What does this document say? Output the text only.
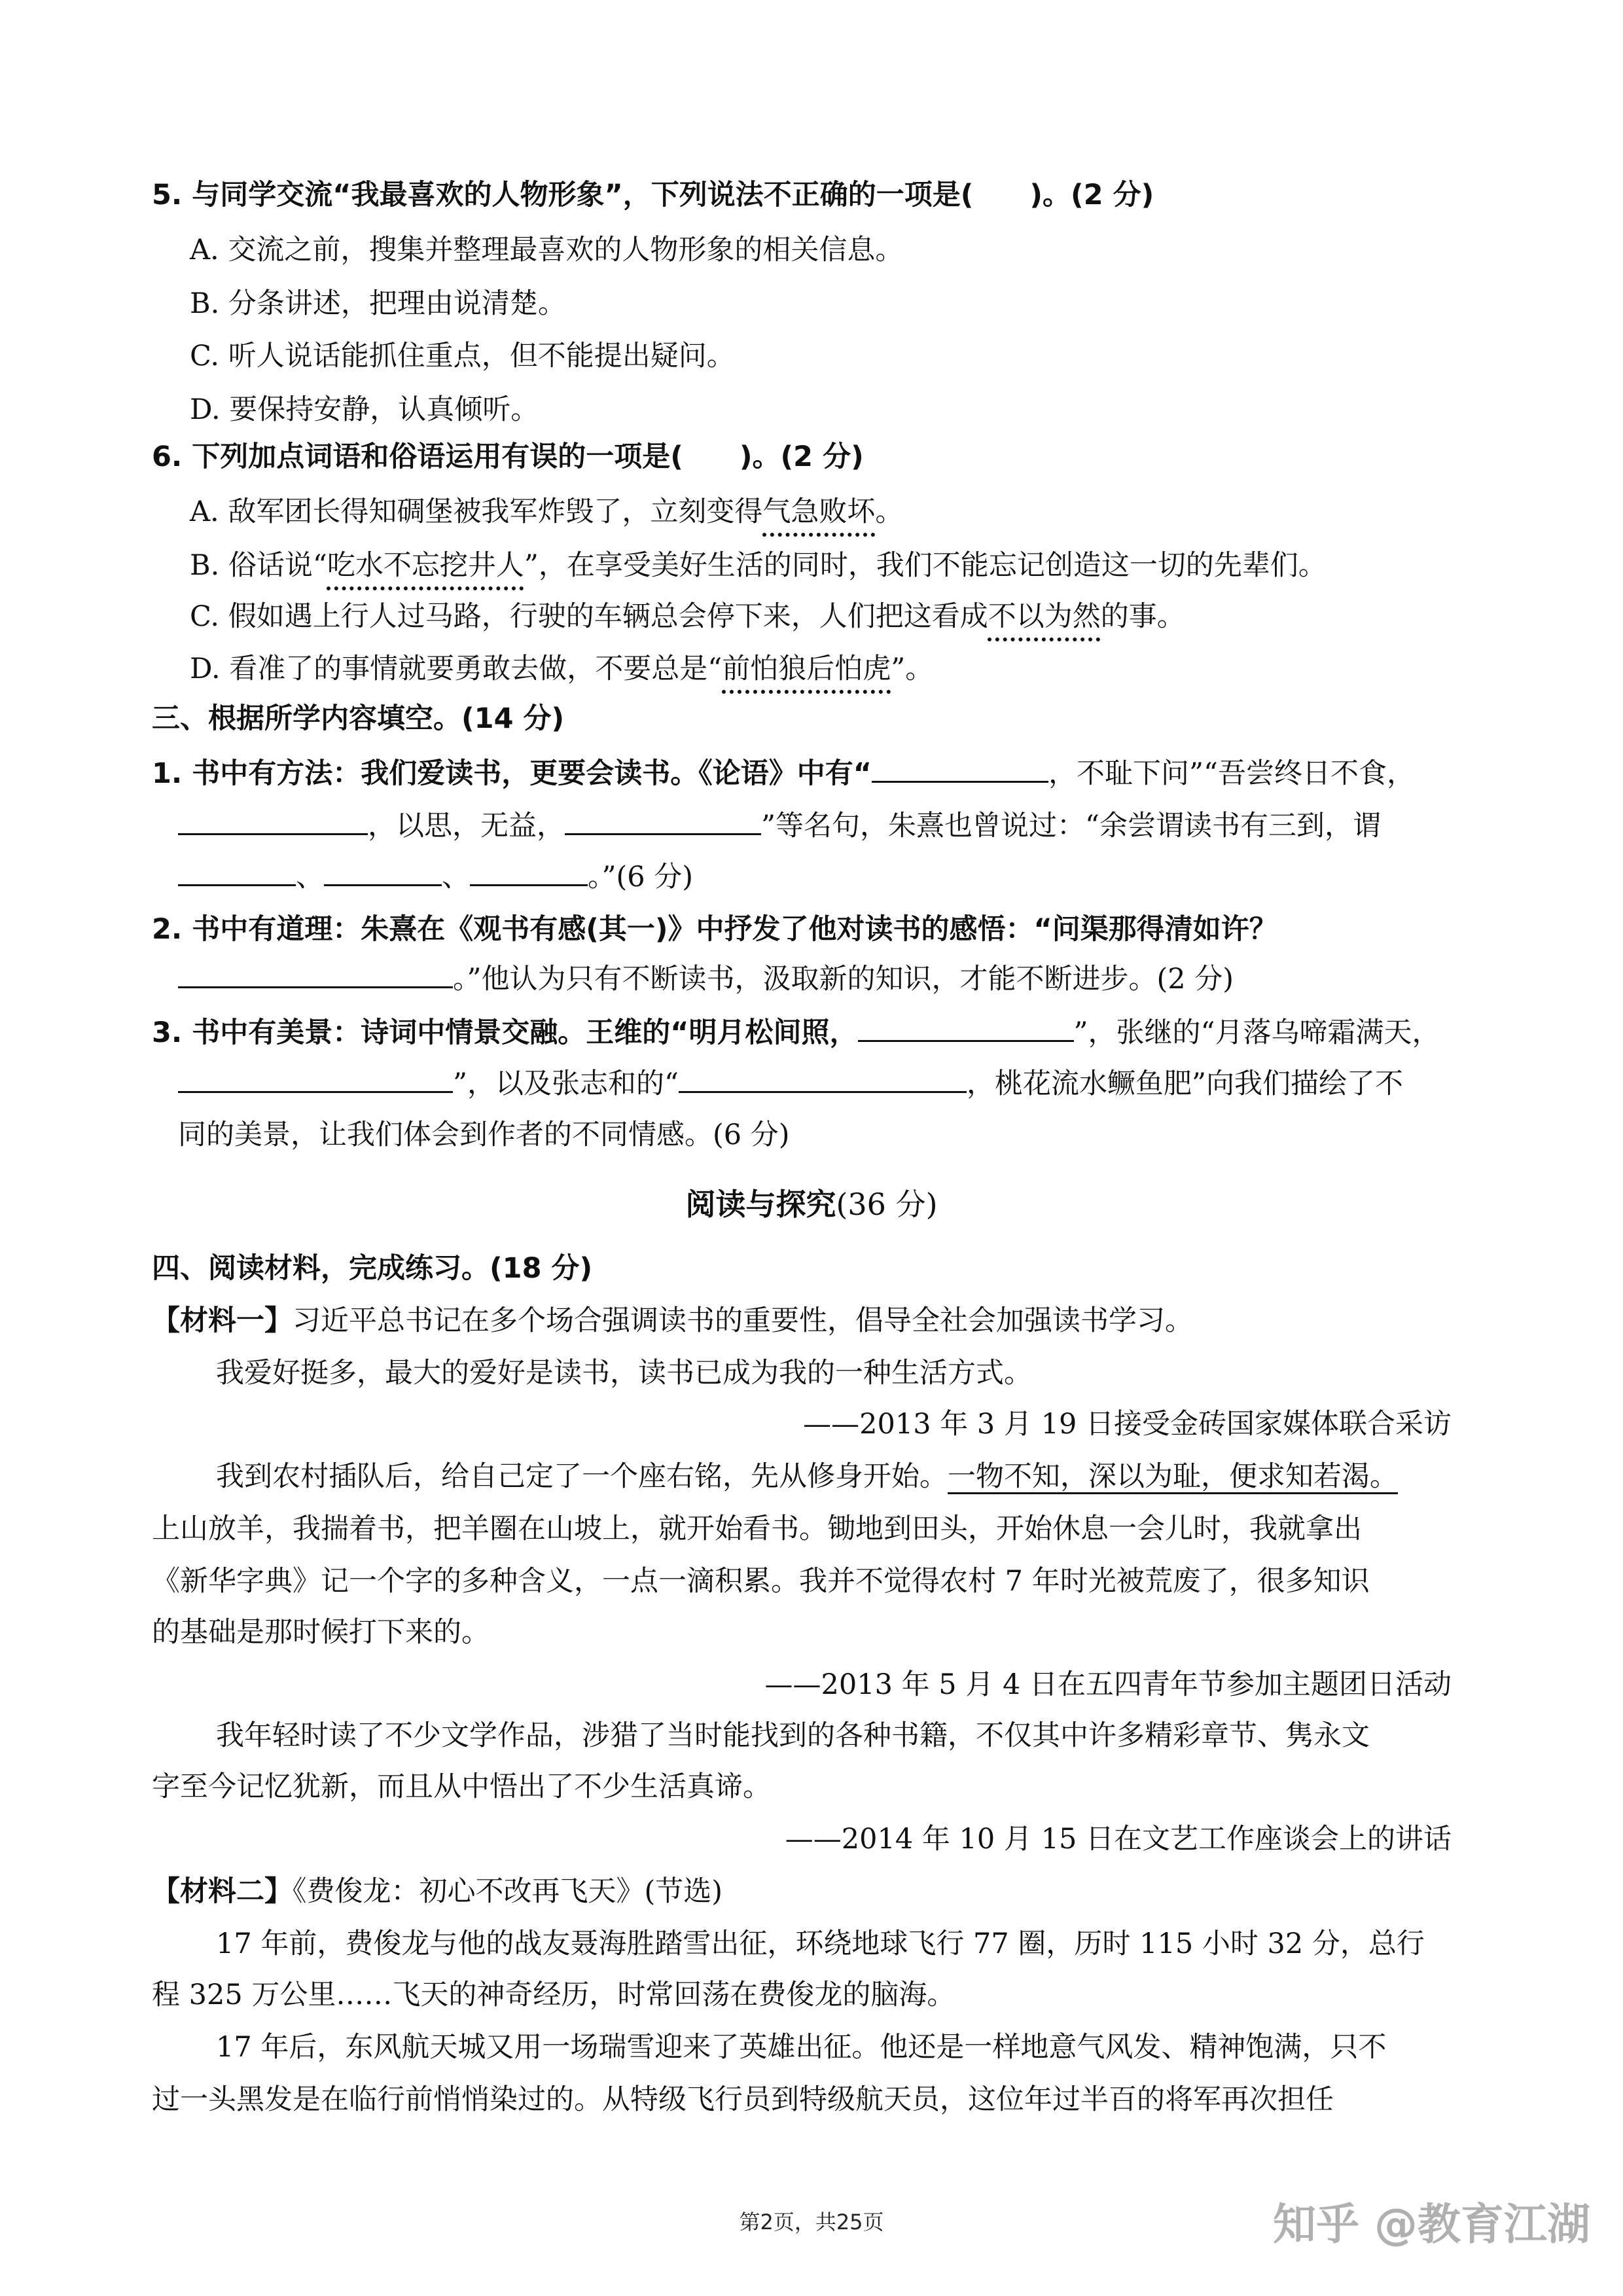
5. 与同学交流“我最喜欢的人物形象”，下列说法不正确的一项是(　　)。(2 分)
A. 交流之前，搜集并整理最喜欢的人物形象的相关信息。
B. 分条讲述，把理由说清楚。
C. 听人说话能抓住重点，但不能提出疑问。
D. 要保持安静，认真倾听。
6. 下列加点词语和俗语运用有误的一项是(　　)。(2 分)
A. 敌军团长得知碉堡被我军炸毁了，立刻变得气急败坏。
B. 俗话说“吃水不忘挖井人”，在享受美好生活的同时，我们不能忘记创造这一切的先辈们。
C. 假如遇上行人过马路，行驶的车辆总会停下来，人们把这看成不以为然的事。
D. 看准了的事情就要勇敢去做，不要总是“前怕狼后怕虎”。
三、根据所学内容填空。(14 分)
1. 书中有方法：我们爱读书，更要会读书。《论语》中有“	，不耻下问”“吾尝终日不食，
，以思，无益，	”等名句，朱熹也曾说过：“余尝谓读书有三到，谓
、	、	。”(6 分)
2. 书中有道理：朱熹在《观书有感(其一)》中抒发了他对读书的感悟：“问渠那得清如许？
。”他认为只有不断读书，汲取新的知识，才能不断进步。(2 分)
3. 书中有美景：诗词中情景交融。王维的“明月松间照，	”，张继的“月落乌啼霜满天，
”，以及张志和的“	，桃花流水鳜鱼肥”向我们描绘了不
同的美景，让我们体会到作者的不同情感。(6 分)
阅读与探究(36 分)
四、阅读材料，完成练习。(18 分)
【材料一】习近平总书记在多个场合强调读书的重要性，倡导全社会加强读书学习。
我爱好挺多，最大的爱好是读书，读书已成为我的一种生活方式。
——2013 年 3 月 19 日接受金砖国家媒体联合采访
我到农村插队后，给自己定了一个座右铭，先从修身开始。一物不知，深以为耻，便求知若渴。
上山放羊，我揣着书，把羊圈在山坡上，就开始看书。锄地到田头，开始休息一会儿时，我就拿出
《新华字典》记一个字的多种含义，一点一滴积累。我并不觉得农村 7 年时光被荒废了，很多知识
的基础是那时候打下来的。
——2013 年 5 月 4 日在五四青年节参加主题团日活动
我年轻时读了不少文学作品，涉猎了当时能找到的各种书籍，不仅其中许多精彩章节、隽永文
字至今记忆犹新，而且从中悟出了不少生活真谛。
——2014 年 10 月 15 日在文艺工作座谈会上的讲话
【材料二】《费俊龙：初心不改再飞天》(节选)
17 年前，费俊龙与他的战友聂海胜踏雪出征，环绕地球飞行 77 圈，历时 115 小时 32 分，总行
程 325 万公里……飞天的神奇经历，时常回荡在费俊龙的脑海。
17 年后，东风航天城又用一场瑞雪迎来了英雄出征。他还是一样地意气风发、精神饱满，只不
过一头黑发是在临行前悄悄染过的。从特级飞行员到特级航天员，这位年过半百的将军再次担任
第2页，共25页	知乎 @教育江湖
